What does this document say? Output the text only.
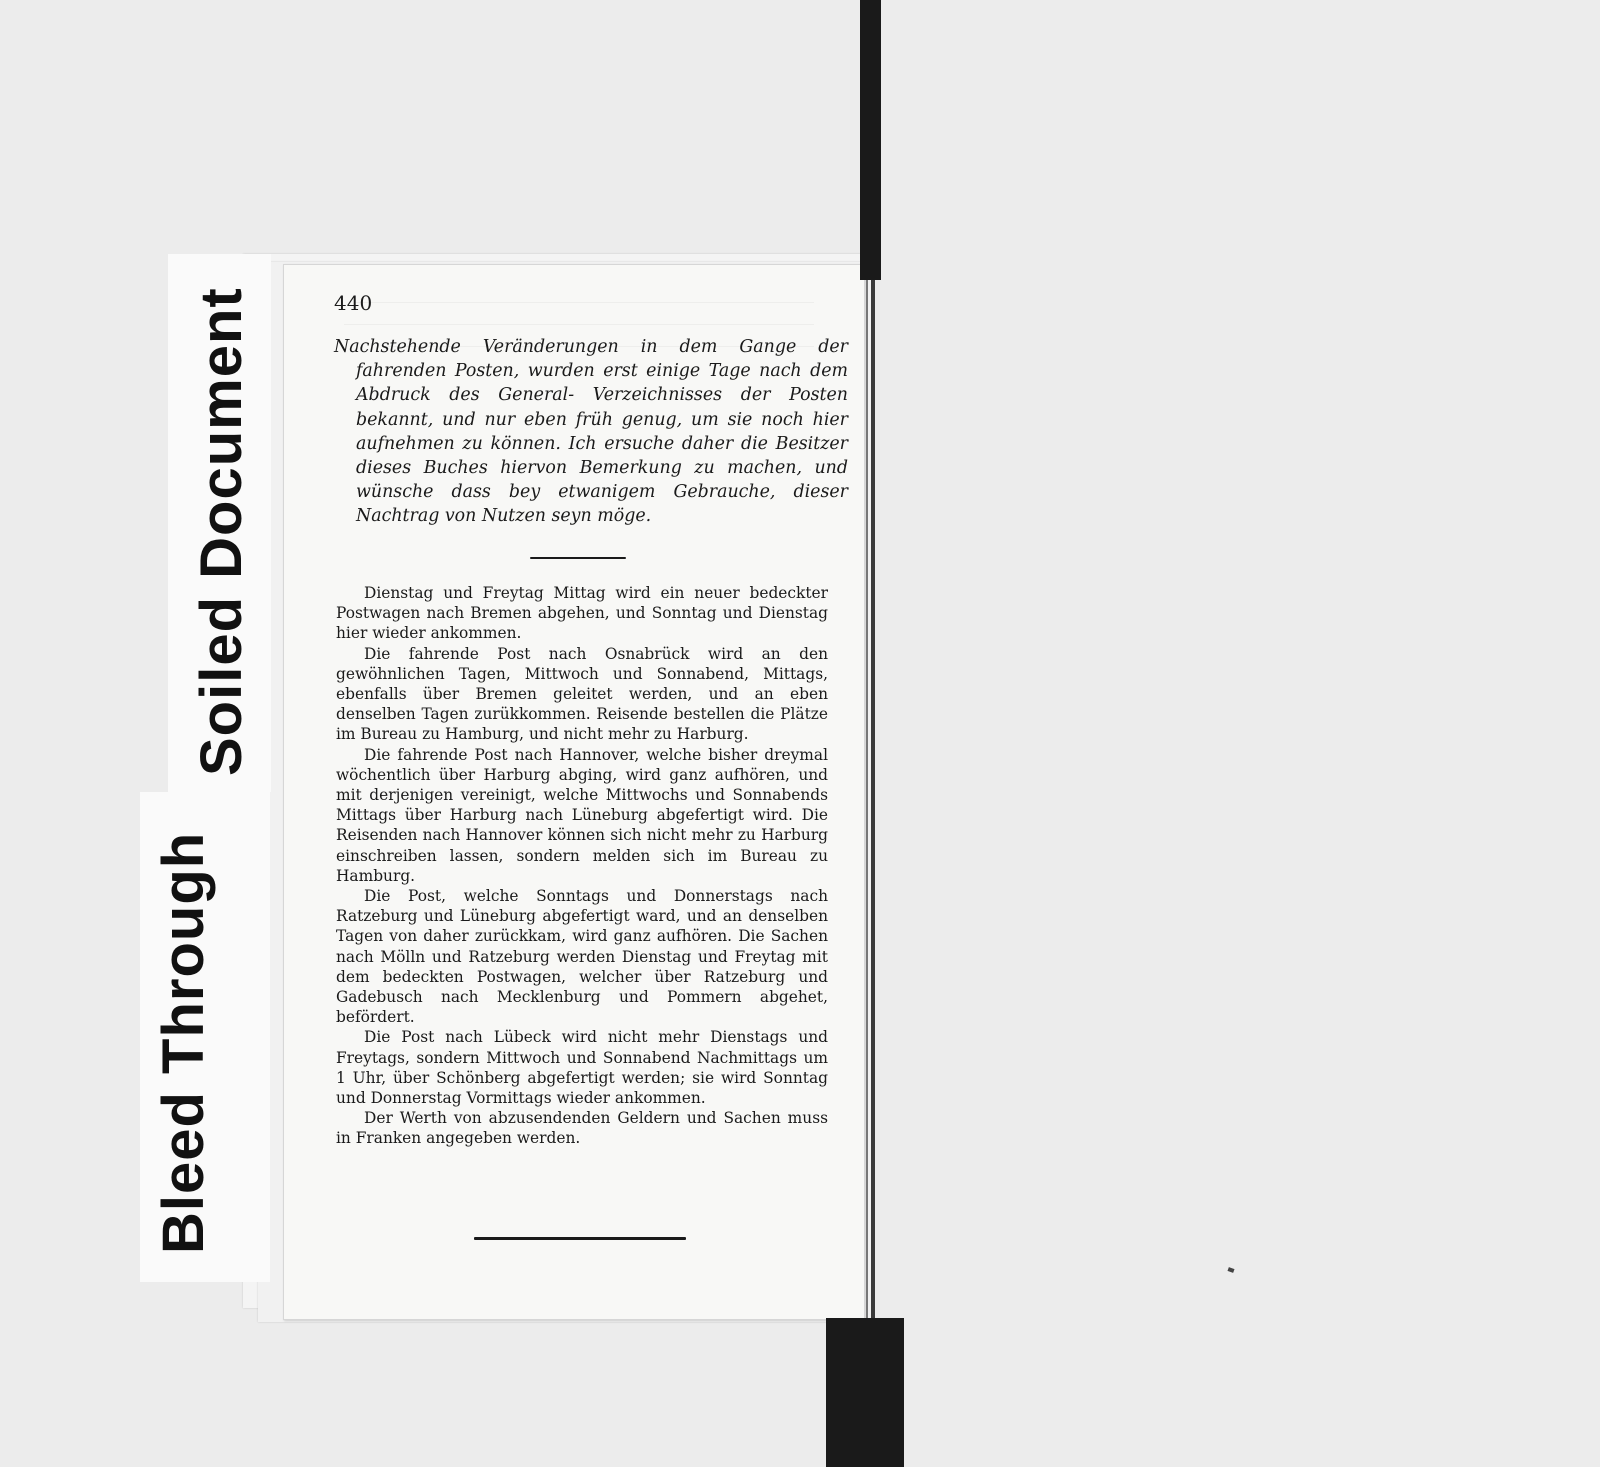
Soiled Document
Bleed Through
440

Nachstehende Veränderungen in dem Gange der fahrenden Posten, wurden erst einige Tage nach dem Abdruck des General- Verzeichnisses der Posten bekannt, und nur eben früh genug, um sie noch hier aufnehmen zu können. Ich ersuche daher die Besitzer dieses Buches hiervon Bemerkung zu machen, und wünsche dass bey etwanigem Gebrauche, dieser Nachtrag von Nutzen seyn möge.

Dienstag und Freytag Mittag wird ein neuer bedeckter Postwagen nach Bremen abgehen, und Sonntag und Dienstag hier wieder ankommen.

Die fahrende Post nach Osnabrück wird an den gewöhnlichen Tagen, Mittwoch und Sonnabend, Mittags, ebenfalls über Bremen geleitet werden, und an eben denselben Tagen zurükkommen. Reisende bestellen die Plätze im Bureau zu Hamburg, und nicht mehr zu Harburg.

Die fahrende Post nach Hannover, welche bisher dreymal wöchentlich über Harburg abging, wird ganz aufhören, und mit derjenigen vereinigt, welche Mittwochs und Sonnabends Mittags über Harburg nach Lüneburg abgefertigt wird. Die Reisenden nach Hannover können sich nicht mehr zu Harburg einschreiben lassen, sondern melden sich im Bureau zu Hamburg.

Die Post, welche Sonntags und Donnerstags nach Ratzeburg und Lüneburg abgefertigt ward, und an denselben Tagen von daher zurückkam, wird ganz aufhören. Die Sachen nach Mölln und Ratzeburg werden Dienstag und Freytag mit dem bedeckten Postwagen, welcher über Ratzeburg und Gadebusch nach Mecklenburg und Pommern abgehet, befördert.

Die Post nach Lübeck wird nicht mehr Dienstags und Freytags, sondern Mittwoch und Sonnabend Nachmittags um 1 Uhr, über Schönberg abgefertigt werden; sie wird Sonntag und Donnerstag Vormittags wieder ankommen.

Der Werth von abzusendenden Geldern und Sachen muss in Franken angegeben werden.
